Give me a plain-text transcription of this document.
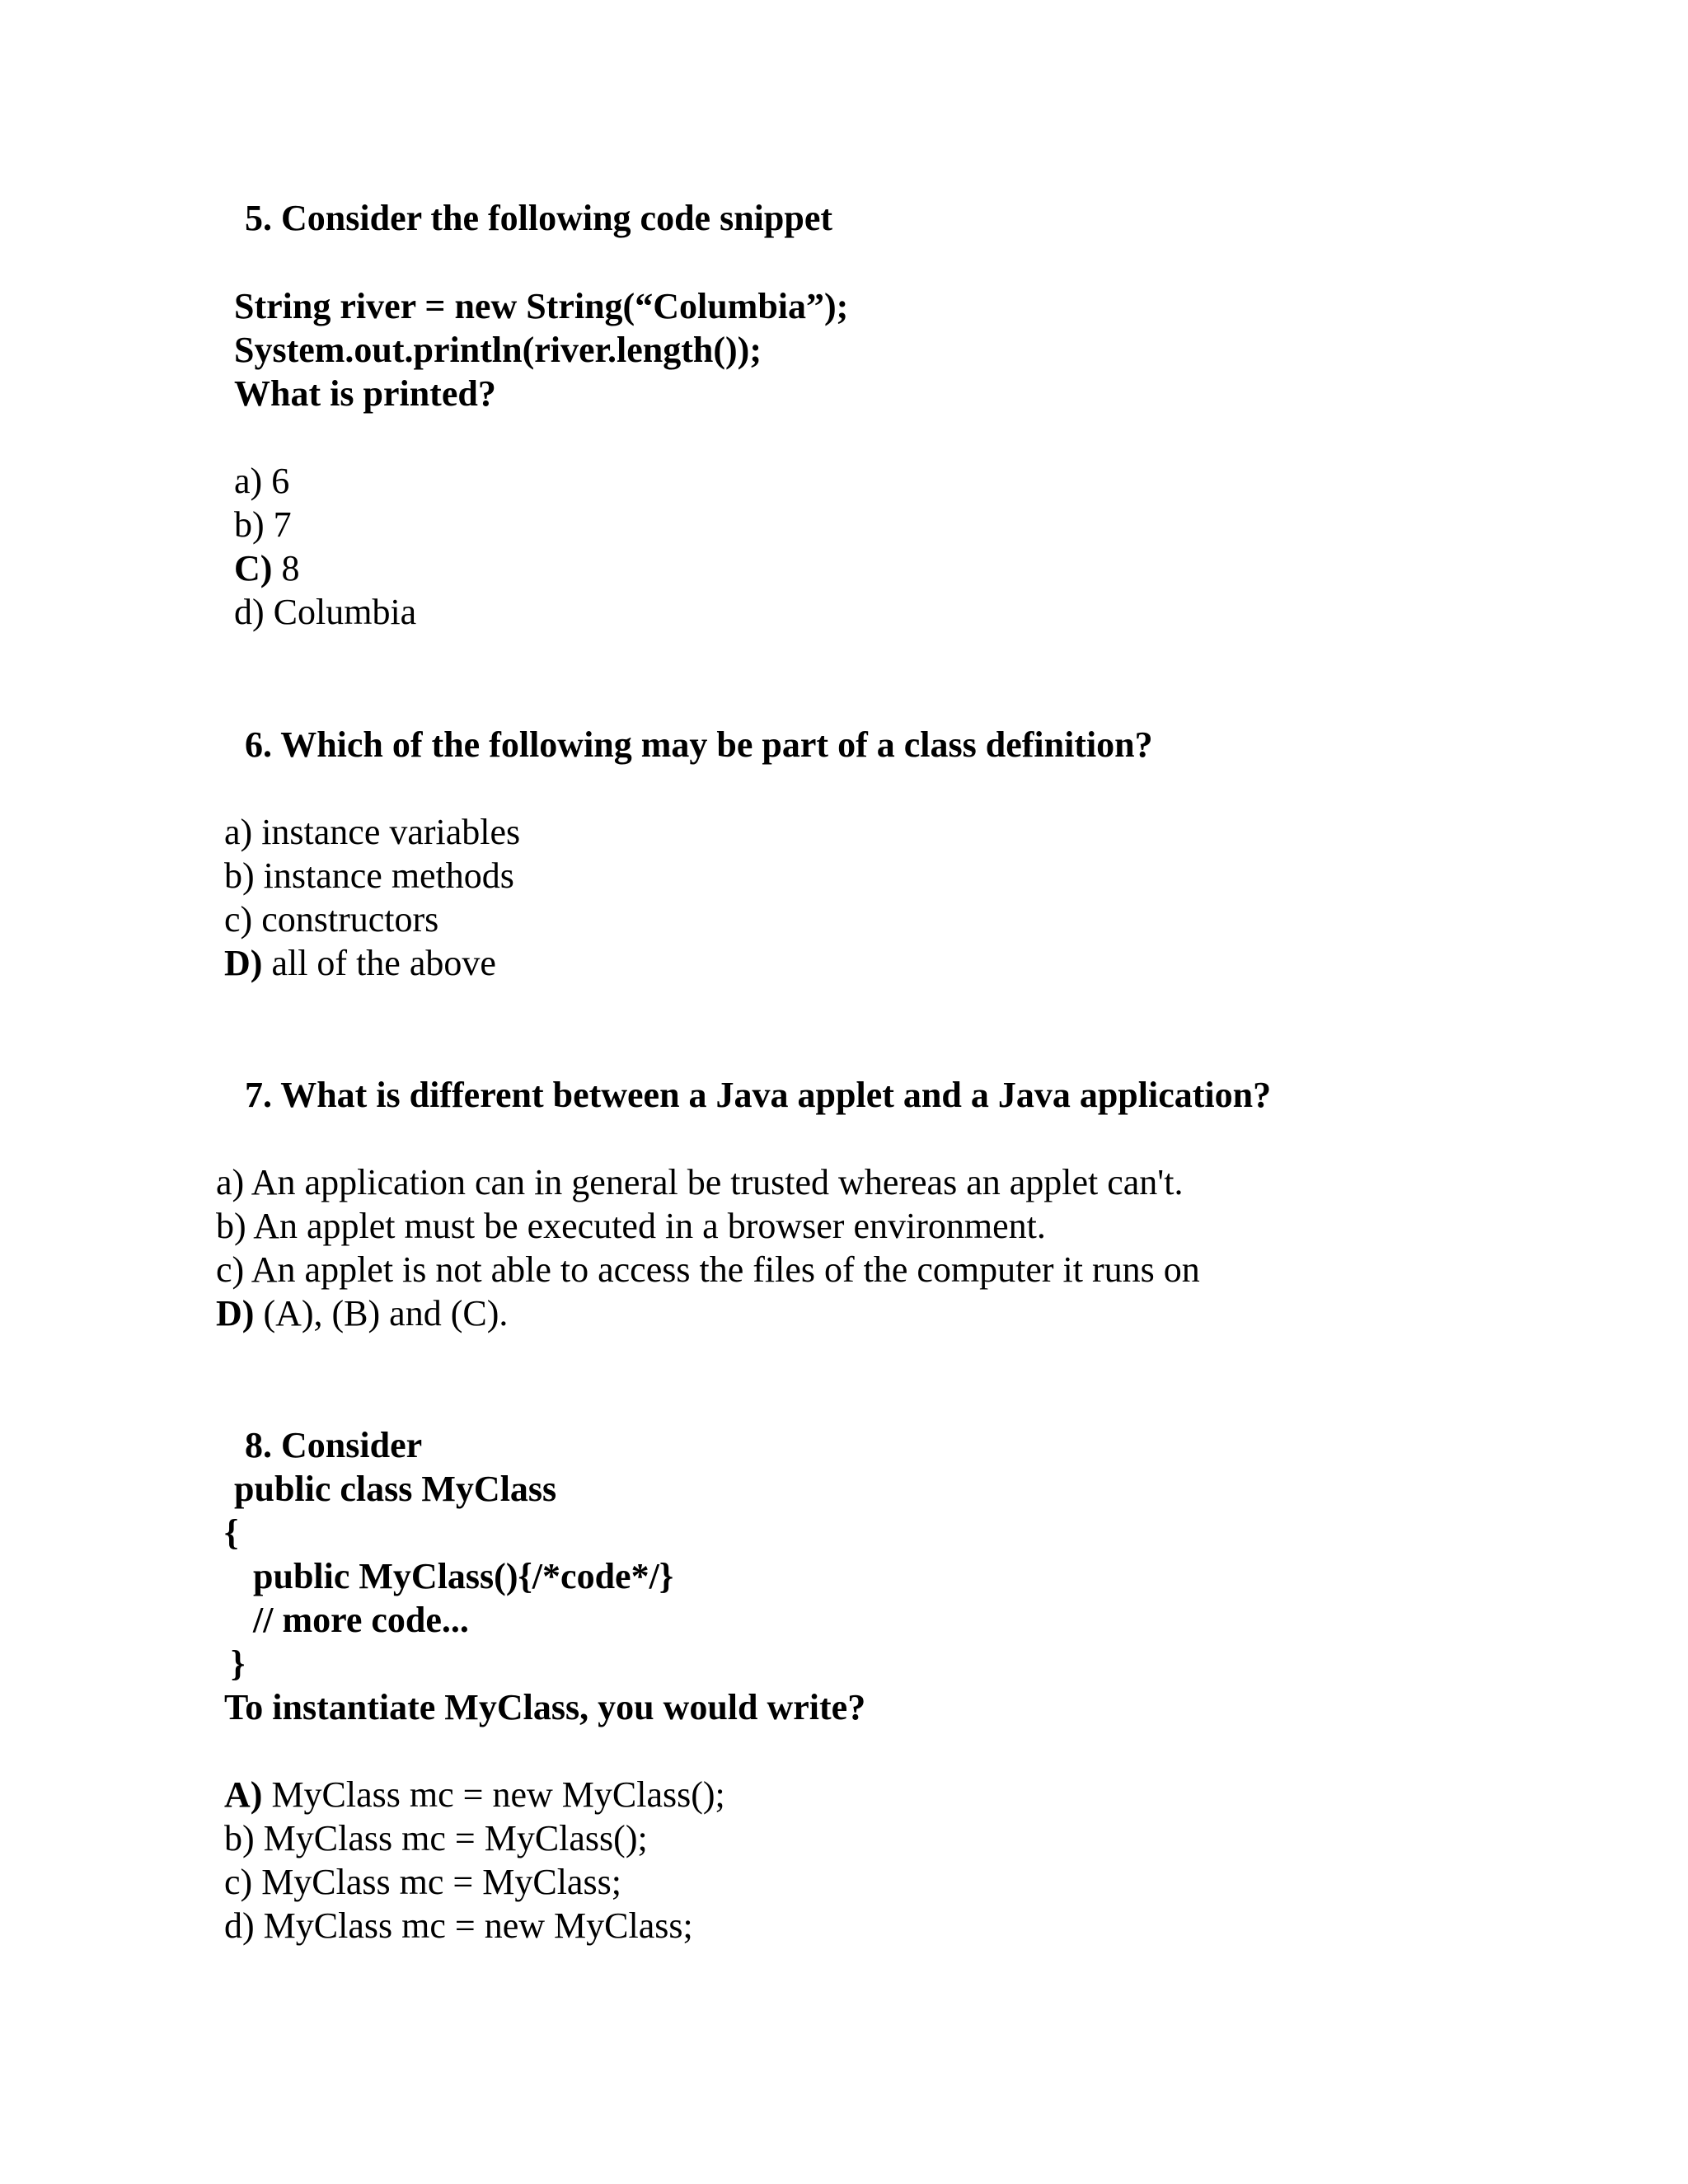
5. Consider the following code snippet
String river = new String(“Columbia”);
System.out.println(river.length());
What is printed?
a) 6
b) 7
C) 8
d) Columbia
6. Which of the following may be part of a class definition?
a) instance variables
b) instance methods
c) constructors
D) all of the above
7. What is different between a Java applet and a Java application?
a) An application can in general be trusted whereas an applet can't.
b) An applet must be executed in a browser environment.
c) An applet is not able to access the files of the computer it runs on
D) (A), (B) and (C).
8. Consider
public class MyClass
{
public MyClass(){/*code*/}
// more code...
}
To instantiate MyClass, you would write?
A) MyClass mc = new MyClass();
b) MyClass mc = MyClass();
c) MyClass mc = MyClass;
d) MyClass mc = new MyClass;
